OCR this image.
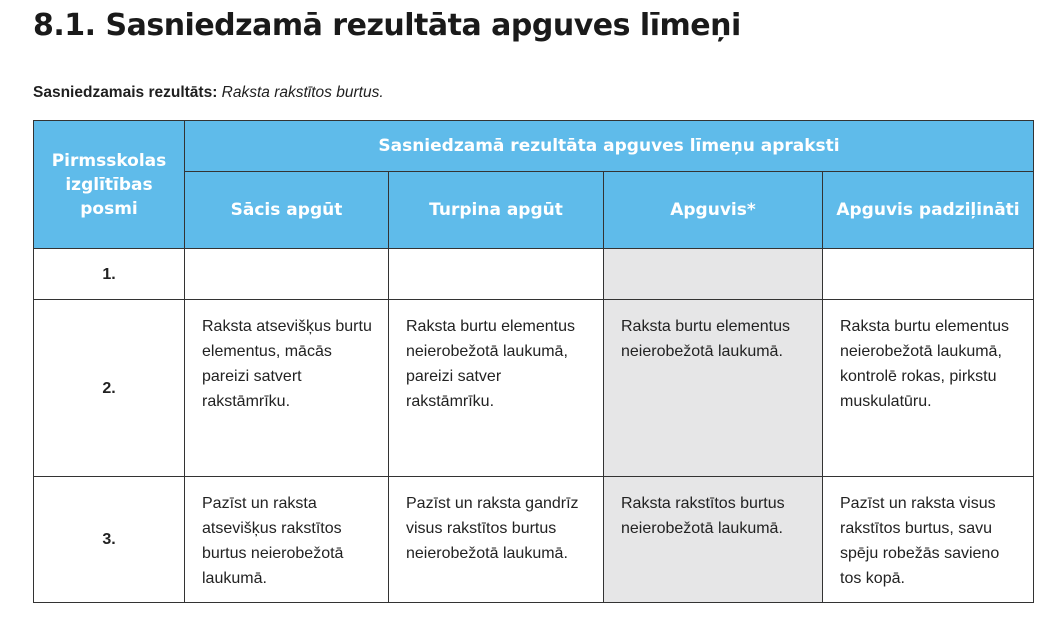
8.1. Sasniedzamā rezultāta apguves līmeņi
Sasniedzamais rezultāts: Raksta rakstītos burtus.
Pirmsskolas izglītības posmi	Sasniedzamā rezultāta apguves līmeņu apraksti			
	Sācis apgūt	Turpina apgūt	Apguvis*	Apguvis padziļināti
1.				
2.	Raksta atsevišķus burtu elementus, mācās pareizi satvert rakstāmrīku.	Raksta burtu elementus neierobežotā laukumā, pareizi satver rakstāmrīku.	Raksta burtu elementus neierobežotā laukumā.	Raksta burtu elementus neierobežotā laukumā, kontrolē rokas, pirkstu muskulatūru.
3.	Pazīst un raksta atsevišķus rakstītos burtus neierobežotā laukumā.	Pazīst un raksta gandrīz visus rakstītos burtus neierobežotā laukumā.	Raksta rakstītos burtus neierobežotā laukumā.	Pazīst un raksta visus rakstītos burtus, savu spēju robežās savieno tos kopā.
